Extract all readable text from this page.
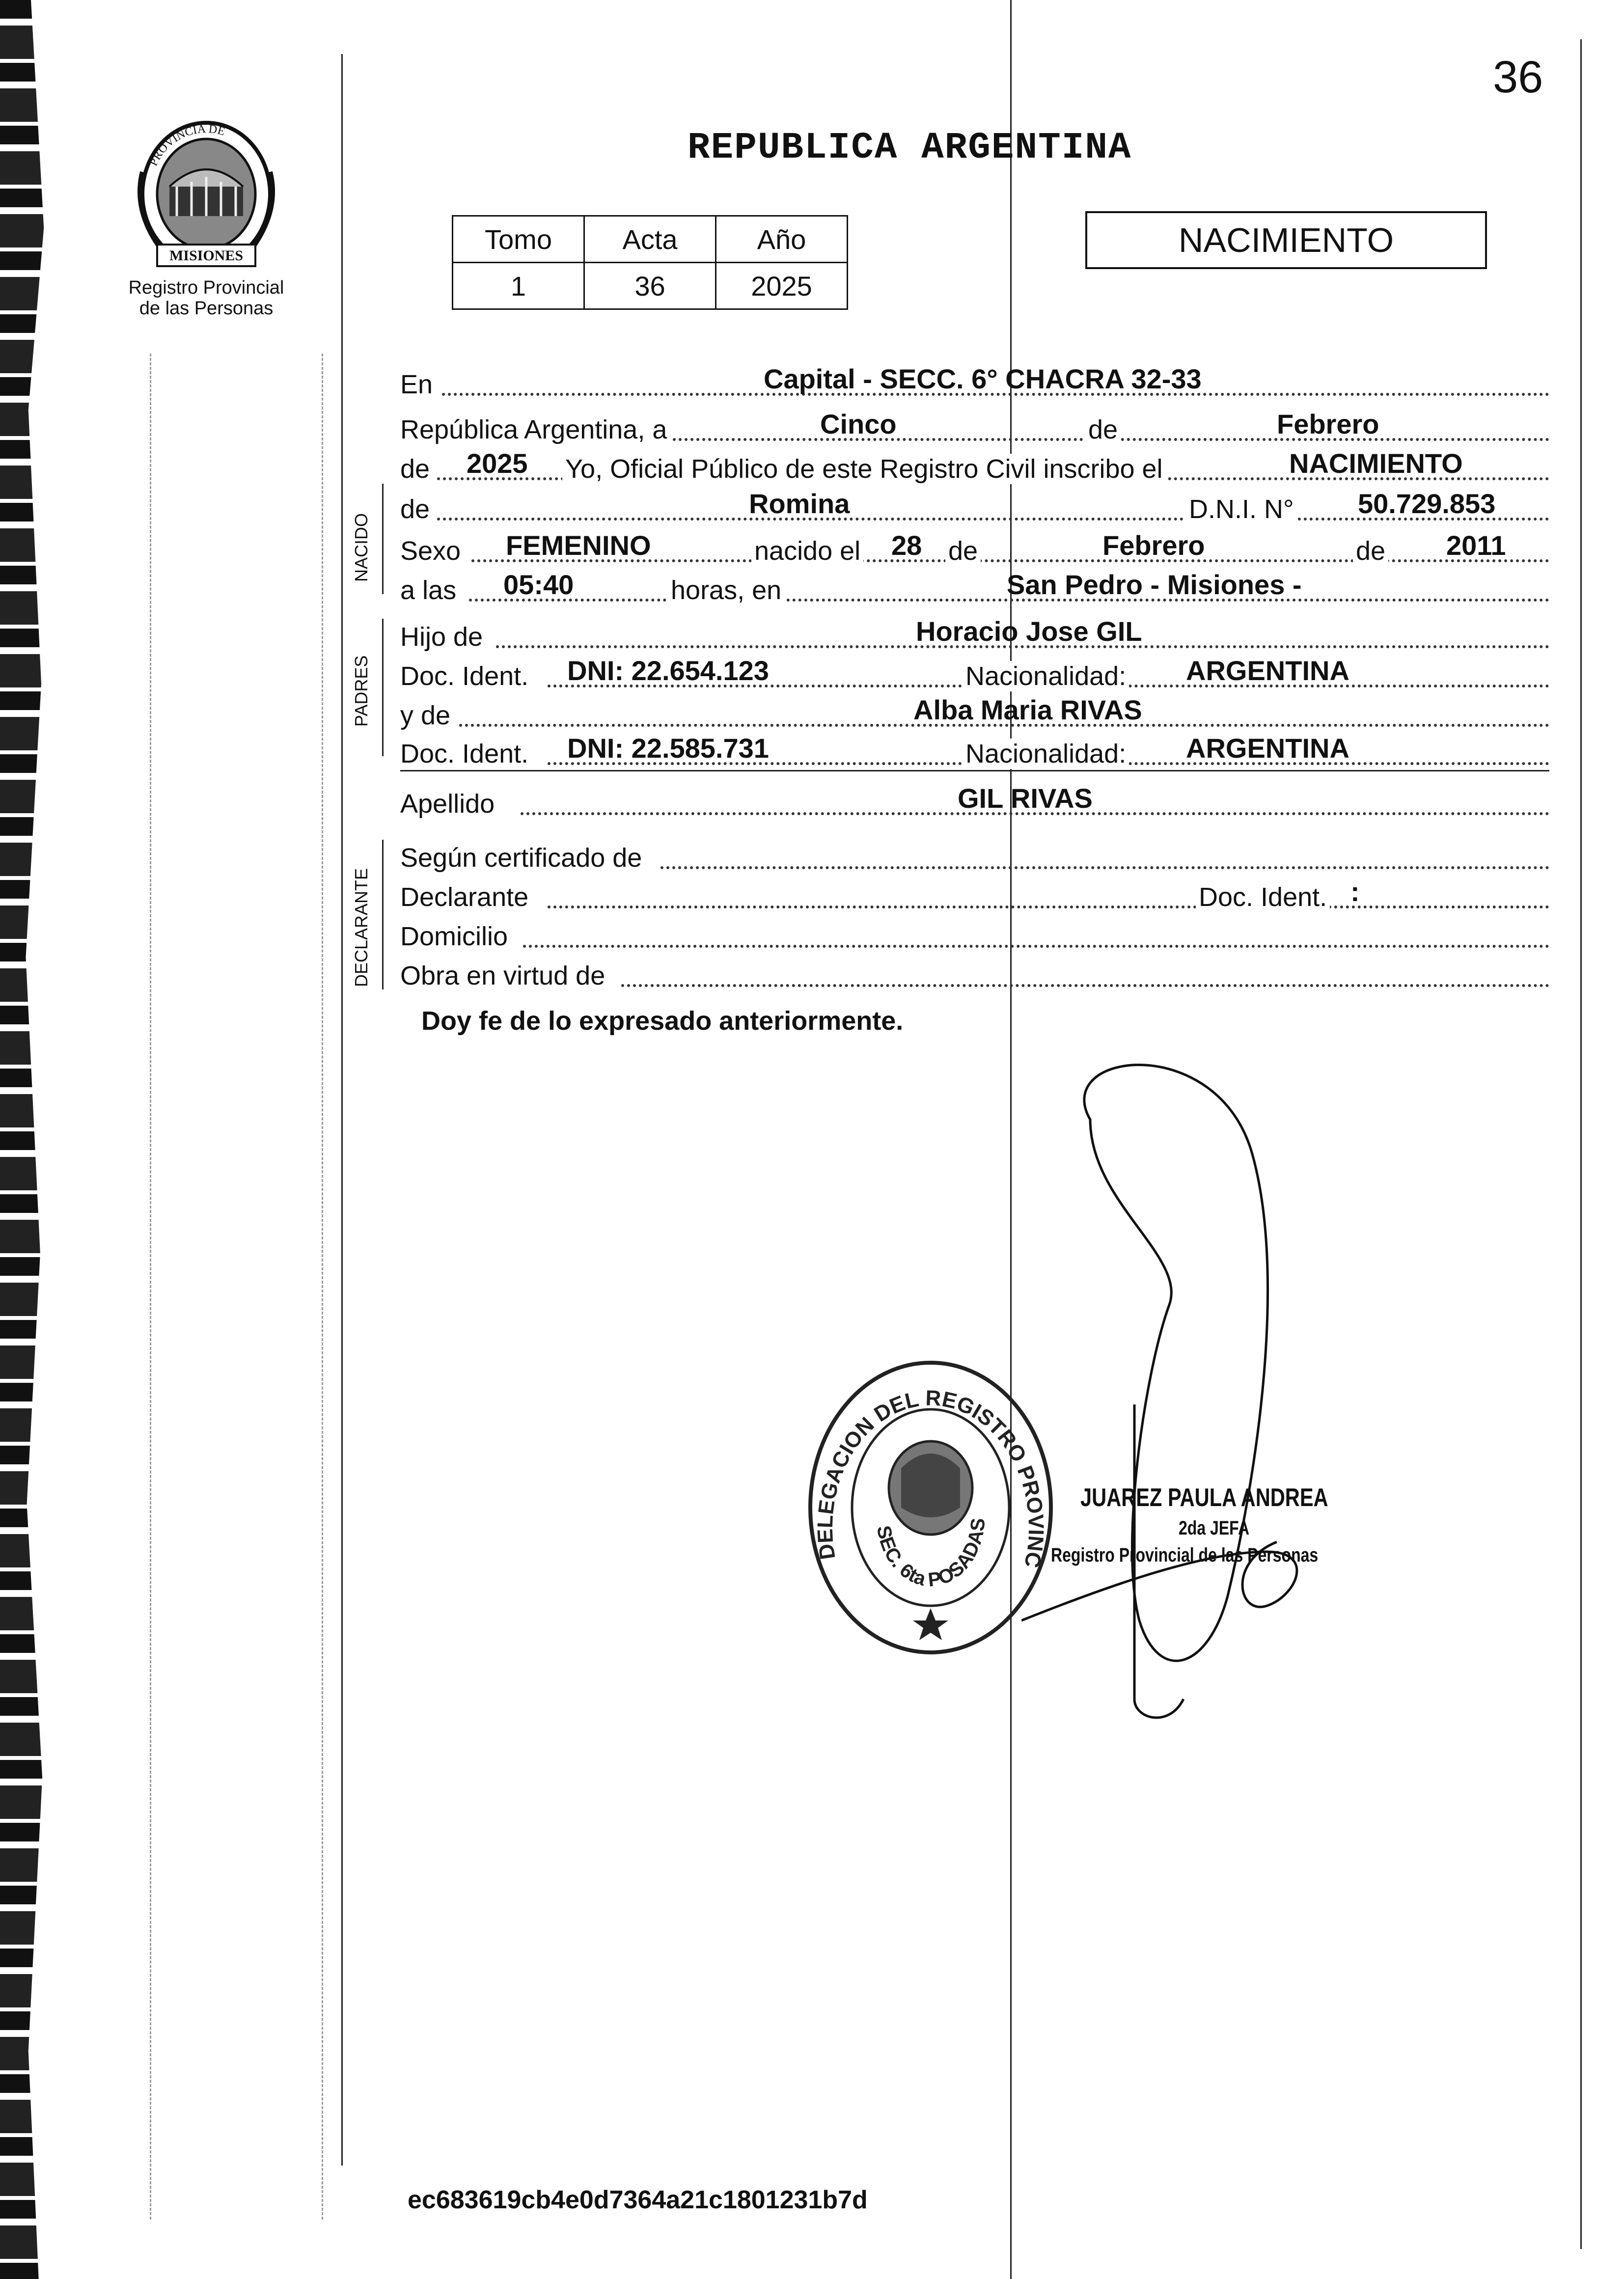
36
PROVINCIA DE
MISIONES
Registro Provincial
de las Personas
REPUBLICA ARGENTINA
Tomo	Acta	Año
1	36	2025
NACIMIENTO
En	Capital - SECC. 6° CHACRA 32-33
República Argentina, a	Cinco	de	Febrero
de 2025 Yo, Oficial Público de este Registro Civil inscribo el	NACIMIENTO
NACIDO
de	Romina	D.N.I. N° 50.729.853
Sexo FEMENINO	nacido el 28 de	Febrero	de 2011
a las 05:40	horas, en	San Pedro - Misiones -
PADRES
Hijo de	Horacio Jose GIL
Doc. Ident. DNI: 22.654.123	Nacionalidad: ARGENTINA
y de	Alba Maria RIVAS
Doc. Ident. DNI: 22.585.731	Nacionalidad: ARGENTINA
Apellido	GIL RIVAS
DECLARANTE
Según certificado de
Declarante	Doc. Ident. :
Domicilio
Obra en virtud de
Doy fe de lo expresado anteriormente.
DELEGACION DEL REGISTRO PROVINC
SEC. 6ta POSADAS
JUAREZ PAULA ANDREA
2da JEFA
Registro Provincial de las Personas
ec683619cb4e0d7364a21c1801231b7d
